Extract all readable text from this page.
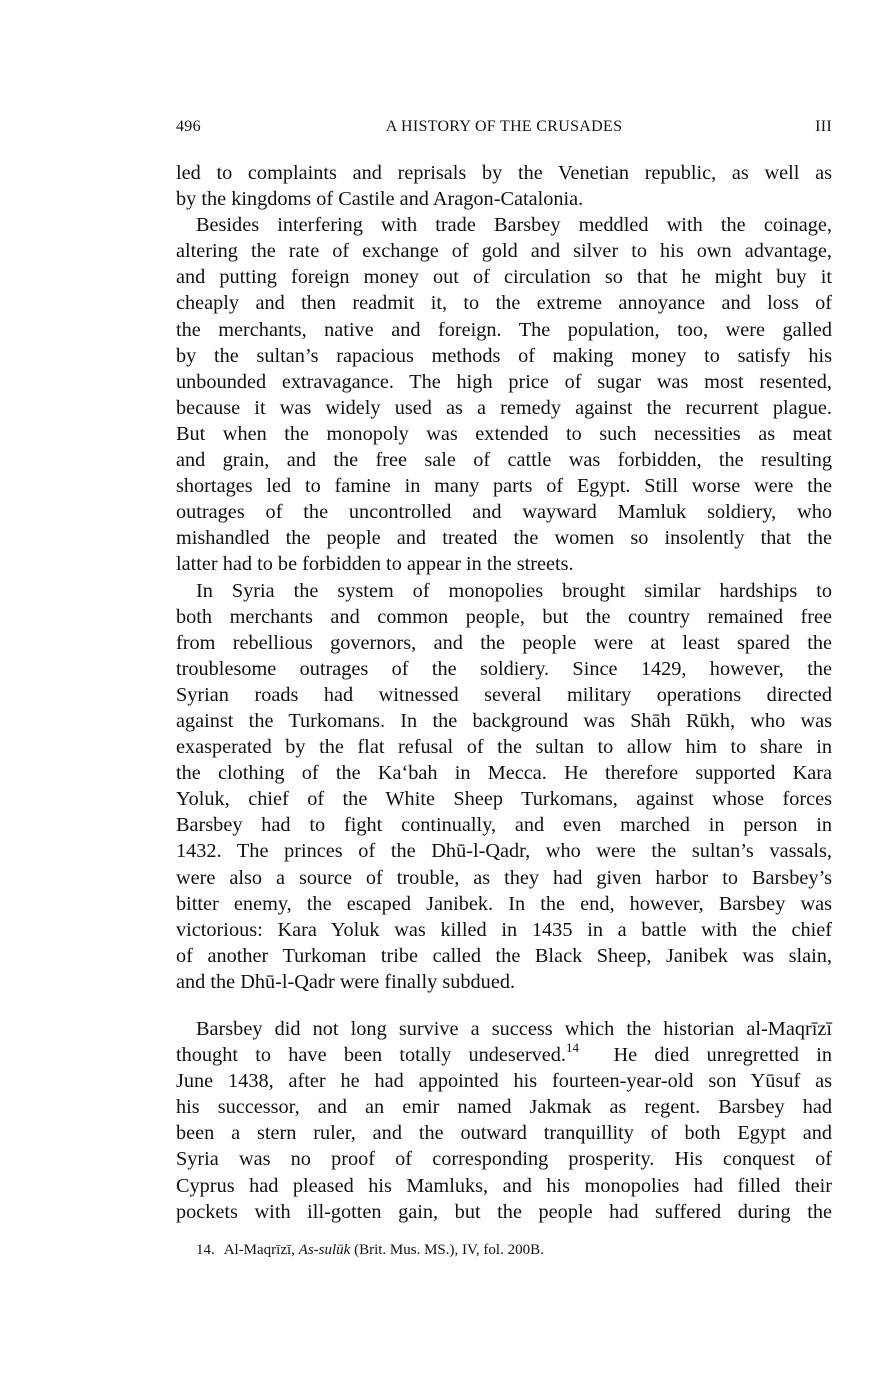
496	A HISTORY OF THE CRUSADES	III

led to complaints and reprisals by the Venetian republic, as well as
by the kingdoms of Castile and Aragon-Catalonia.

Besides interfering with trade Barsbey meddled with the coinage,
altering the rate of exchange of gold and silver to his own advantage,
and putting foreign money out of circulation so that he might buy it
cheaply and then readmit it, to the extreme annoyance and loss of
the merchants, native and foreign. The population, too, were galled
by the sultan’s rapacious methods of making money to satisfy his
unbounded extravagance. The high price of sugar was most resented,
because it was widely used as a remedy against the recurrent plague.
But when the monopoly was extended to such necessities as meat
and grain, and the free sale of cattle was forbidden, the resulting
shortages led to famine in many parts of Egypt. Still worse were the
outrages of the uncontrolled and wayward Mamluk soldiery, who
mishandled the people and treated the women so insolently that the
latter had to be forbidden to appear in the streets.

In Syria the system of monopolies brought similar hardships to
both merchants and common people, but the country remained free
from rebellious governors, and the people were at least spared the
troublesome outrages of the soldiery. Since 1429, however, the
Syrian roads had witnessed several military operations directed
against the Turkomans. In the background was Shāh Rūkh, who was
exasperated by the flat refusal of the sultan to allow him to share in
the clothing of the Ka‘bah in Mecca. He therefore supported Kara
Yoluk, chief of the White Sheep Turkomans, against whose forces
Barsbey had to fight continually, and even marched in person in
1432. The princes of the Dhū-l-Qadr, who were the sultan’s vassals,
were also a source of trouble, as they had given harbor to Barsbey’s
bitter enemy, the escaped Janibek. In the end, however, Barsbey was
victorious: Kara Yoluk was killed in 1435 in a battle with the chief
of another Turkoman tribe called the Black Sheep, Janibek was slain,
and the Dhū-l-Qadr were finally subdued.

Barsbey did not long survive a success which the historian al-Maqrīzī
thought to have been totally undeserved.$^{14}$ He died unregretted in
June 1438, after he had appointed his fourteen-year-old son Yūsuf as
his successor, and an emir named Jakmak as regent. Barsbey had
been a stern ruler, and the outward tranquillity of both Egypt and
Syria was no proof of corresponding prosperity. His conquest of
Cyprus had pleased his Mamluks, and his monopolies had filled their
pockets with ill-gotten gain, but the people had suffered during the

14. Al-Maqrīzī, As-sulūk (Brit. Mus. MS.), IV, fol. 200B.
